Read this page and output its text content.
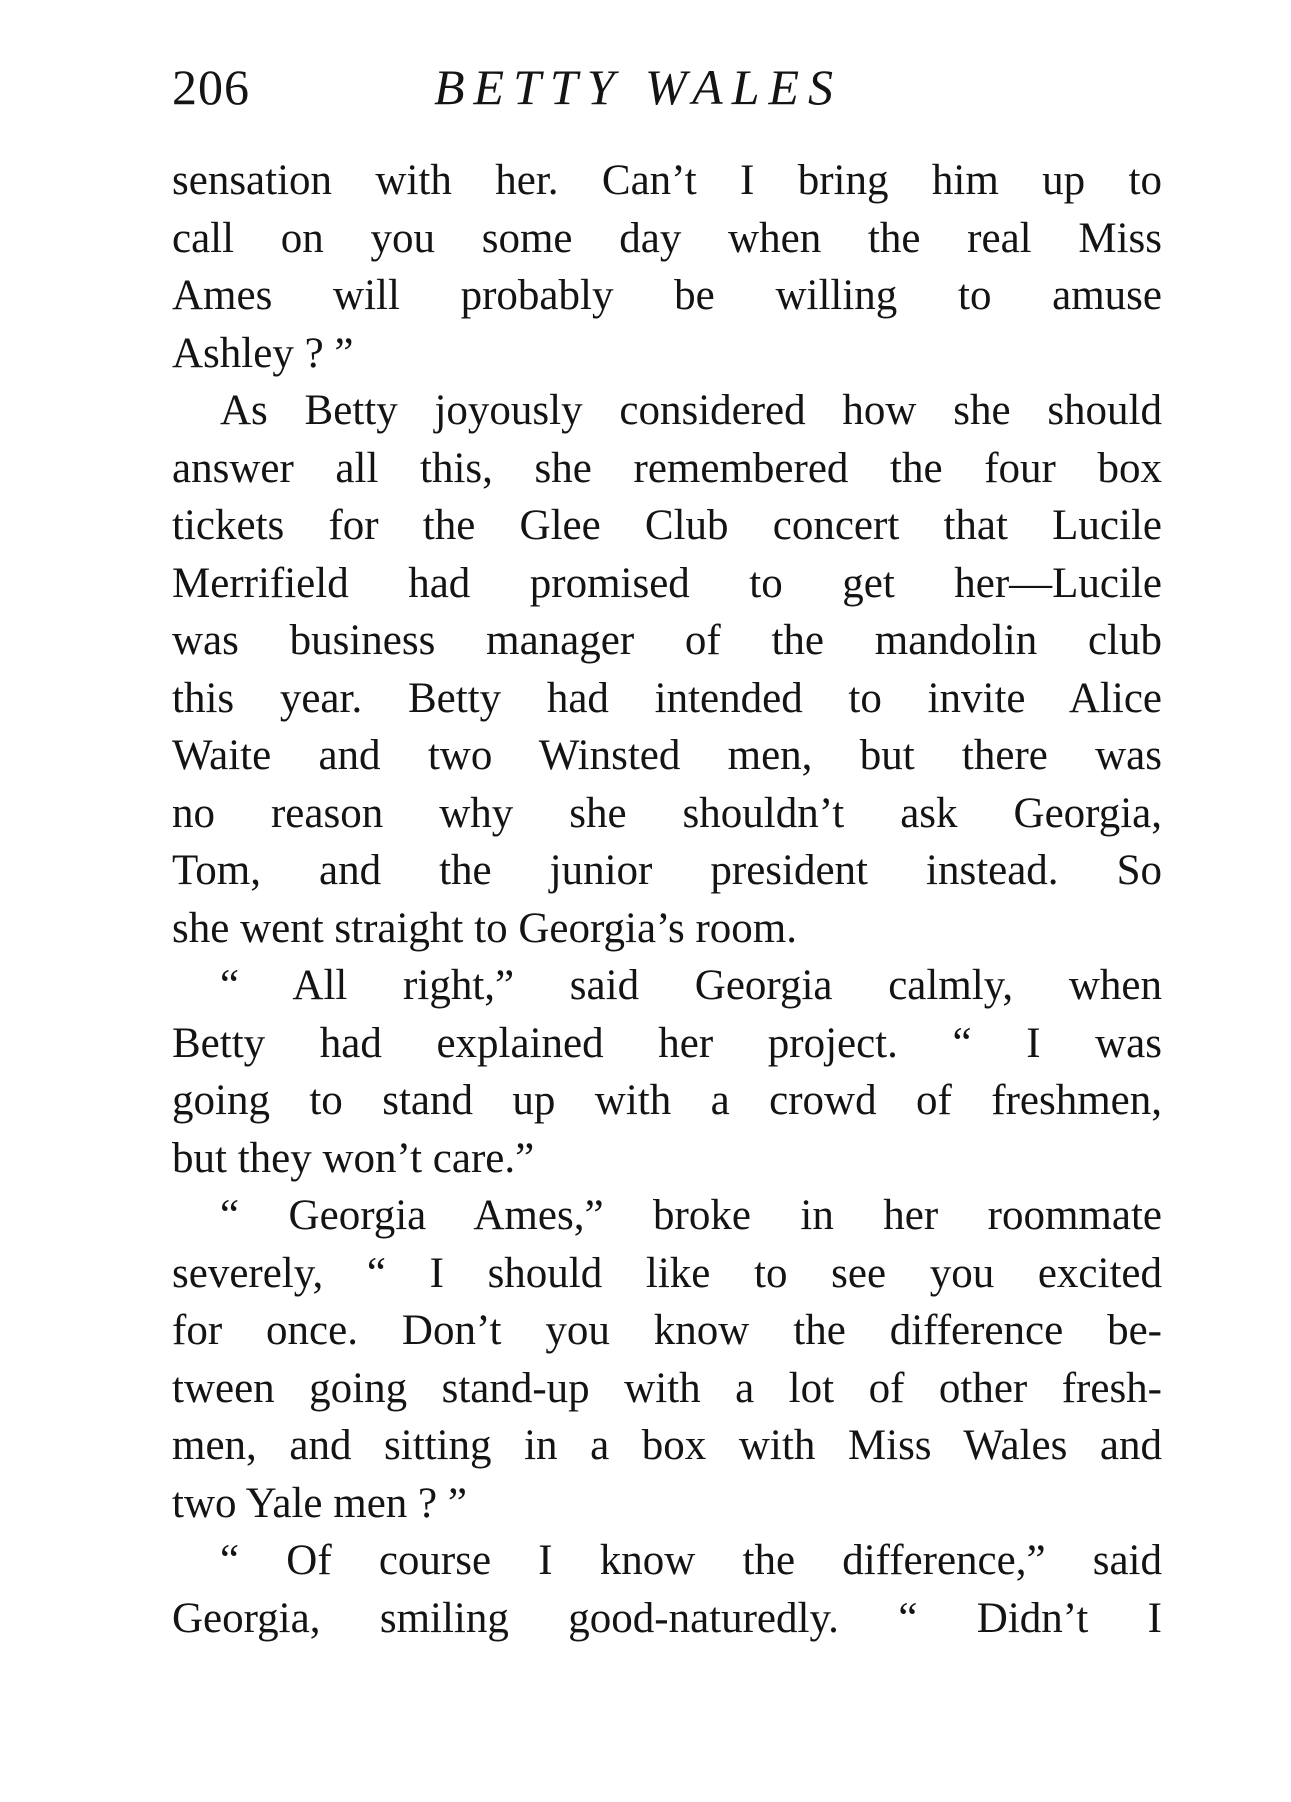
206	BETTY WALES
sensation with her. Can’t I bring him up to
call on you some day when the real Miss
Ames will probably be willing to amuse
Ashley ? ”
As Betty joyously considered how she should
answer all this, she remembered the four box
tickets for the Glee Club concert that Lucile
Merrifield had promised to get her—Lucile
was business manager of the mandolin club
this year. Betty had intended to invite Alice
Waite and two Winsted men, but there was
no reason why she shouldn’t ask Georgia,
Tom, and the junior president instead. So
she went straight to Georgia’s room.
“ All right,” said Georgia calmly, when
Betty had explained her project. “ I was
going to stand up with a crowd of freshmen,
but they won’t care.”
“ Georgia Ames,” broke in her roommate
severely, “ I should like to see you excited
for once. Don’t you know the difference be-
tween going stand-up with a lot of other fresh-
men, and sitting in a box with Miss Wales and
two Yale men ? ”
“ Of course I know the difference,” said
Georgia, smiling good-naturedly. “ Didn’t I
